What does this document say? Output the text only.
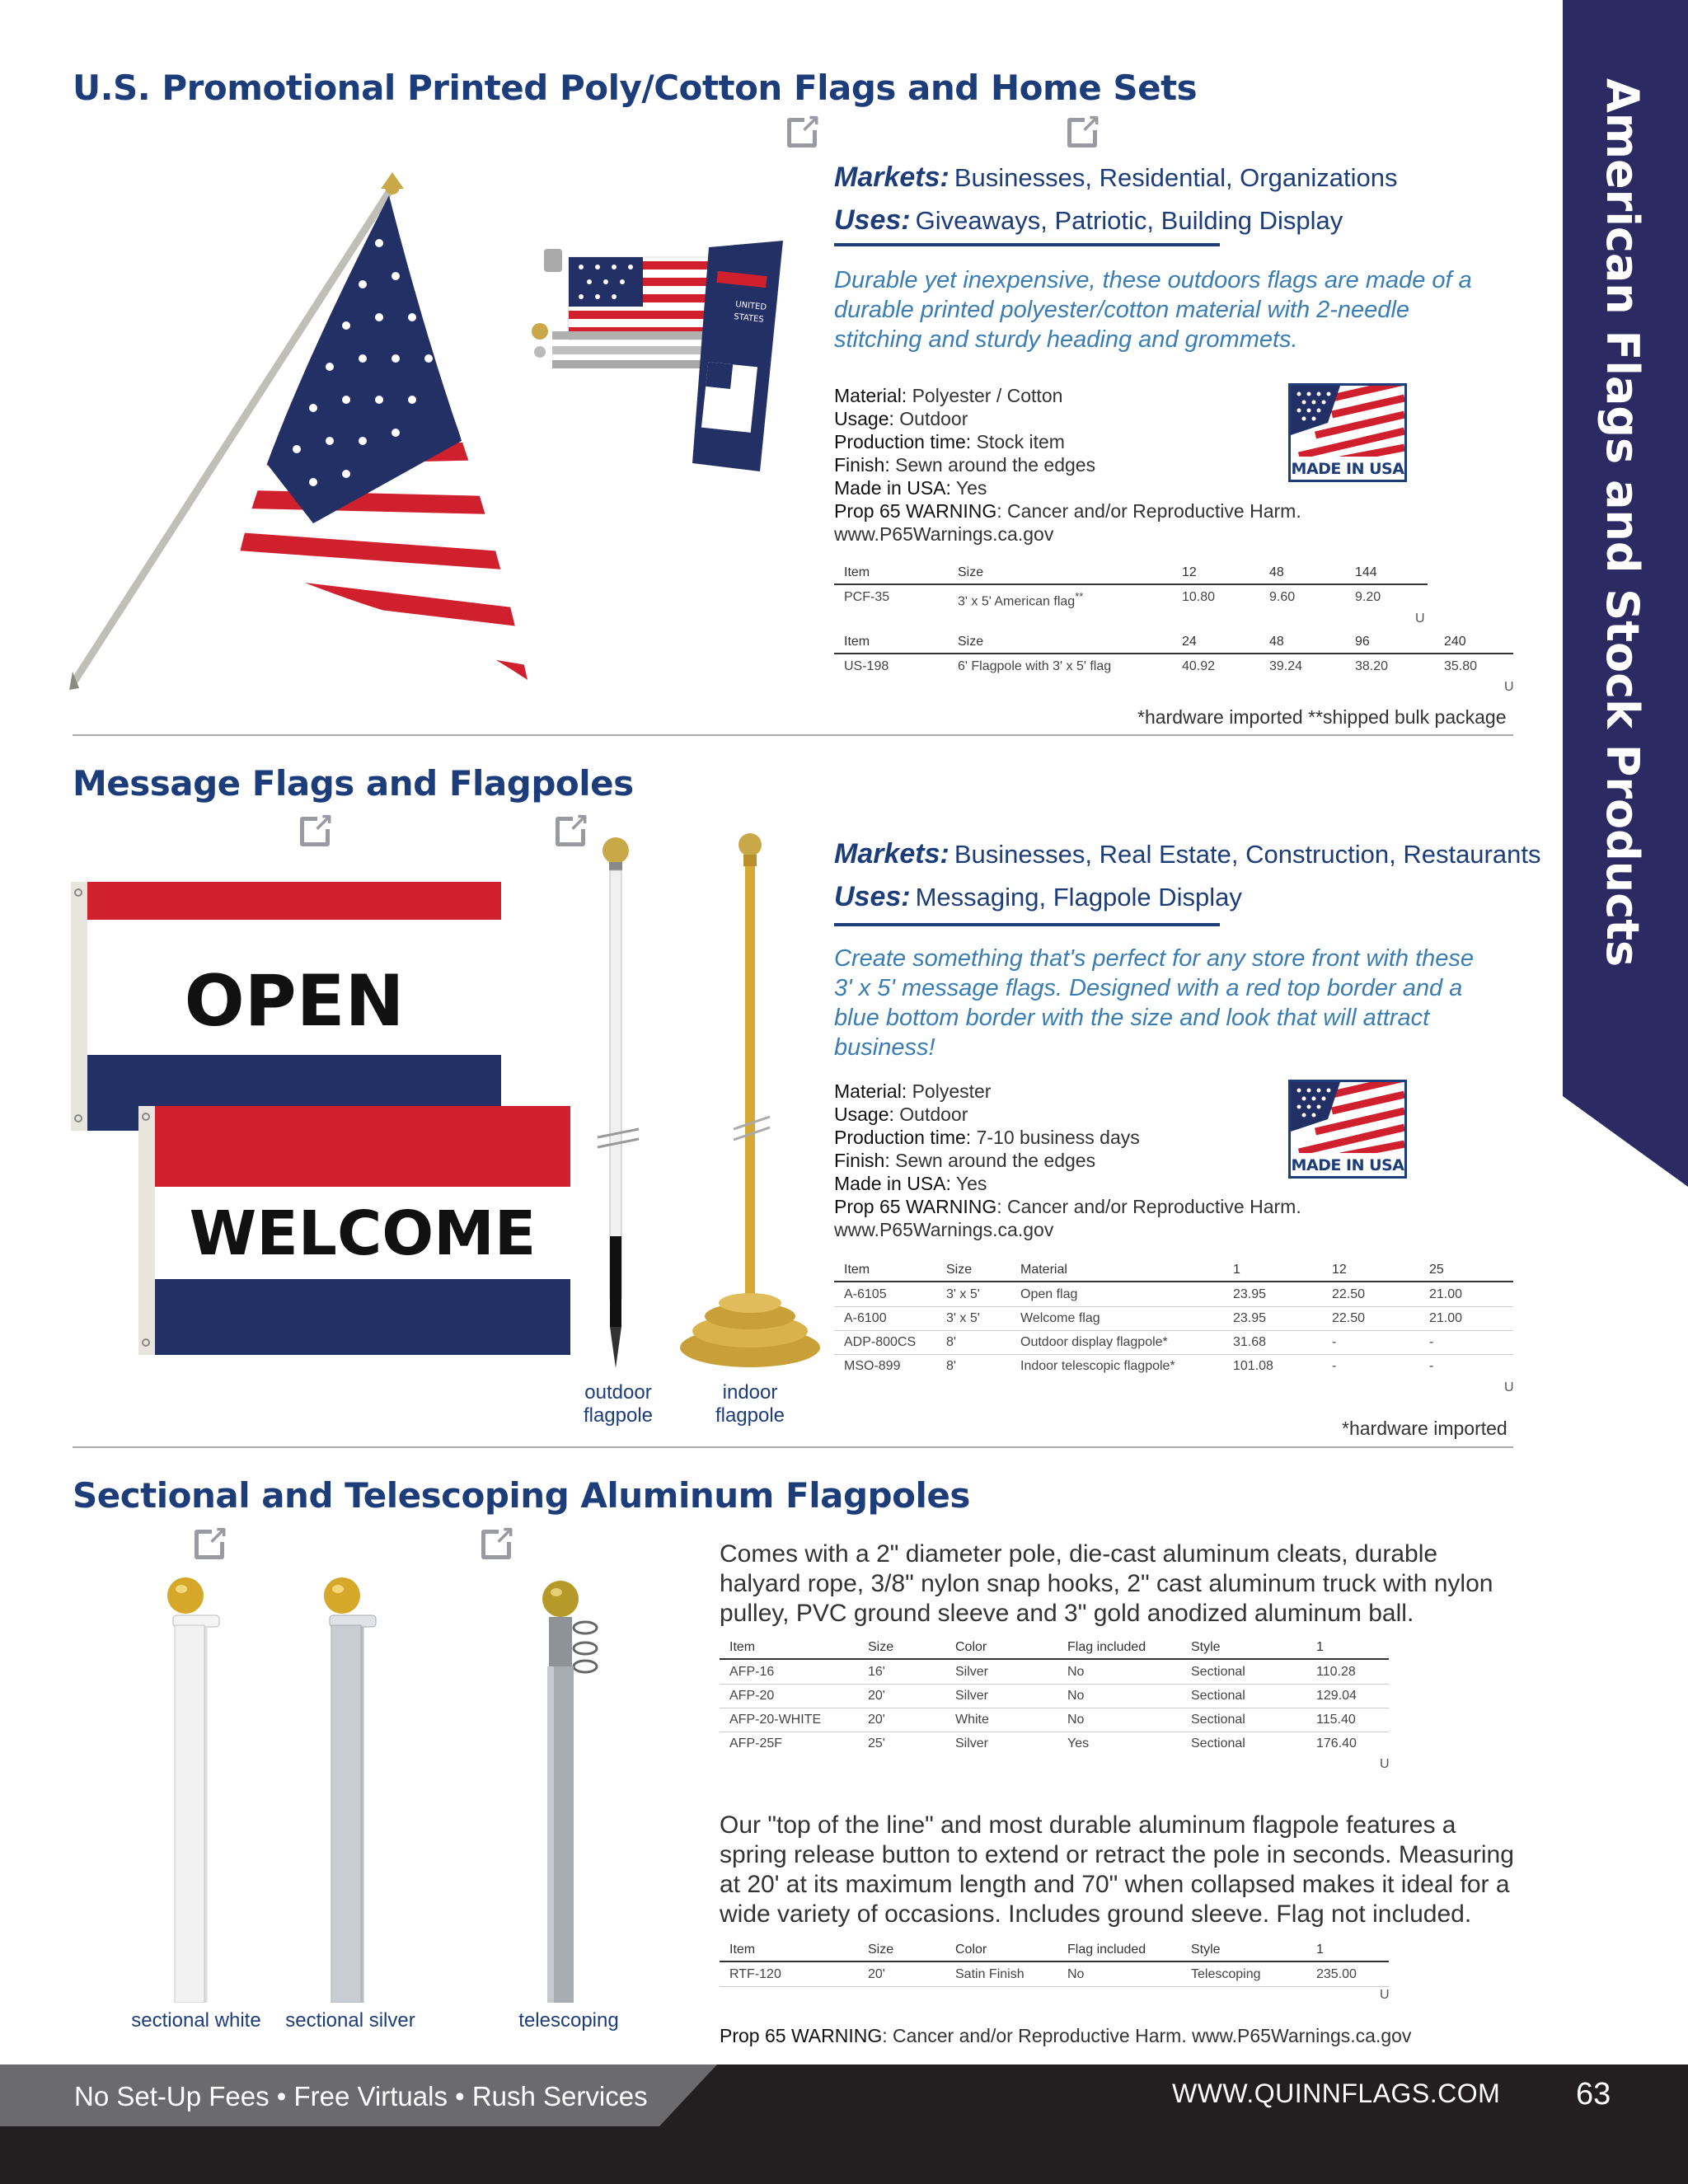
American Flags and Stock Products
U.S. Promotional Printed Poly/Cotton Flags and Home Sets
↗
↗
UNITED
STATES
Markets: Businesses, Residential, Organizations
Uses: Giveaways, Patriotic, Building Display
Durable yet inexpensive, these outdoors flags are made of a durable printed polyester/cotton material with 2-needle stitching and sturdy heading and grommets.
Material: Polyester / Cotton
Usage: Outdoor
Production time: Stock item
Finish: Sewn around the edges
Made in USA: Yes
Prop 65 WARNING: Cancer and/or Reproductive Harm.
www.P65Warnings.ca.gov
MADE IN USA
Item	Size	12	48	144
PCF-35	3' x 5' American flag**	10.80	9.60	9.20
U
Item	Size	24	48	96	240
US-198	6' Flagpole with 3' x 5' flag	40.92	39.24	38.20	35.80
U
*hardware imported **shipped bulk package
Message Flags and Flagpoles
↗
↗
OPEN
WELCOME
outdoor
flagpole
indoor
flagpole
Markets: Businesses, Real Estate, Construction, Restaurants
Uses: Messaging, Flagpole Display
Create something that's perfect for any store front with these 3' x 5' message flags. Designed with a red top border and a blue bottom border with the size and look that will attract business!
Material: Polyester
Usage: Outdoor
Production time: 7-10 business days
Finish: Sewn around the edges
Made in USA: Yes
Prop 65 WARNING: Cancer and/or Reproductive Harm.
www.P65Warnings.ca.gov
MADE IN USA
Item	Size	Material	1	12	25
A-6105	3' x 5'	Open flag	23.95	22.50	21.00
A-6100	3' x 5'	Welcome flag	23.95	22.50	21.00
ADP-800CS 8'	Outdoor display flagpole*	31.68	-	-
MSO-899	8'	Indoor telescopic flagpole*	101.08	-	-
U
*hardware imported
Sectional and Telescoping Aluminum Flagpoles
↗
↗
sectional white	sectional silver	telescoping
Comes with a 2" diameter pole, die-cast aluminum cleats, durable halyard rope, 3/8" nylon snap hooks, 2" cast aluminum truck with nylon pulley, PVC ground sleeve and 3" gold anodized aluminum ball.
Item	Size	Color	Flag included	Style	1
AFP-16	16'	Silver	No	Sectional	110.28
AFP-20	20'	Silver	No	Sectional	129.04
AFP-20-WHITE	20'	White	No	Sectional	115.40
AFP-25F	25'	Silver	Yes	Sectional	176.40
U
Our "top of the line" and most durable aluminum flagpole features a spring release button to extend or retract the pole in seconds. Measuring at 20' at its maximum length and 70" when collapsed makes it ideal for a wide variety of occasions. Includes ground sleeve. Flag not included.
Item	Size	Color	Flag included	Style	1
RTF-120	20'	Satin Finish	No	Telescoping	235.00
U
Prop 65 WARNING: Cancer and/or Reproductive Harm. www.P65Warnings.ca.gov
No Set-Up Fees • Free Virtuals • Rush Services	WWW.QUINNFLAGS.COM 63
